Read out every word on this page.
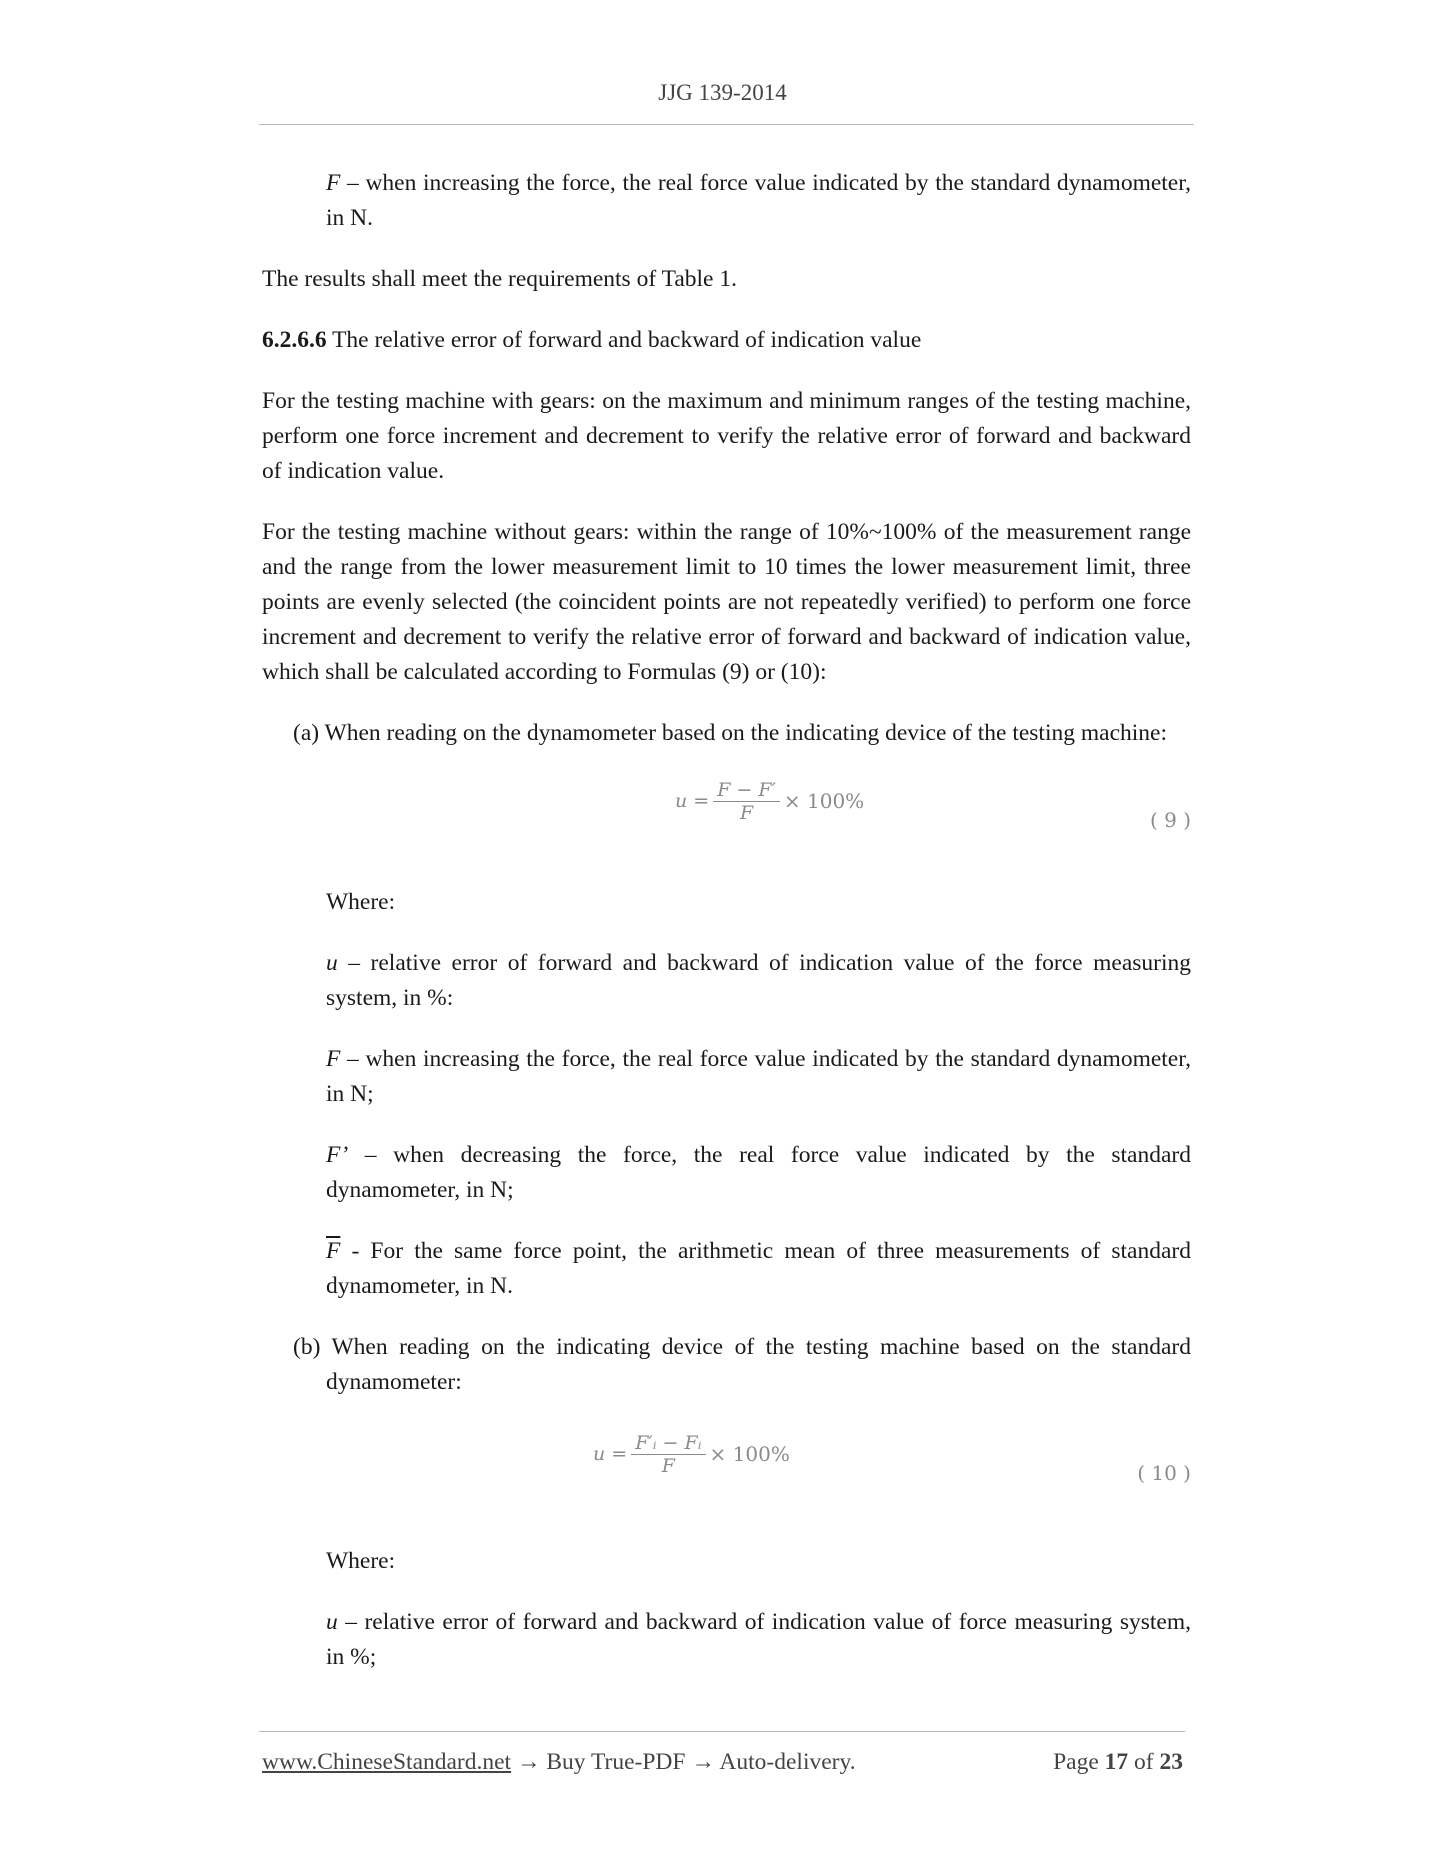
JJG 139-2014

F – when increasing the force, the real force value indicated by the standard dynamometer, in N.

The results shall meet the requirements of Table 1.

6.2.6.6 The relative error of forward and backward of indication value

For the testing machine with gears: on the maximum and minimum ranges of the testing machine, perform one force increment and decrement to verify the relative error of forward and backward of indication value.

For the testing machine without gears: within the range of 10%~100% of the measurement range and the range from the lower measurement limit to 10 times the lower measurement limit, three points are evenly selected (the coincident points are not repeatedly verified) to perform one force increment and decrement to verify the relative error of forward and backward of indication value, which shall be calculated according to Formulas (9) or (10):

(a) When reading on the dynamometer based on the indicating device of the testing machine:

$u = \frac{F - F'}{F} \times 100\%$
( 9 )

Where:

u – relative error of forward and backward of indication value of the force measuring system, in %:

F – when increasing the force, the real force value indicated by the standard dynamometer, in N;

F’ – when decreasing the force, the real force value indicated by the standard dynamometer, in N;

$\overline{F}$ - For the same force point, the arithmetic mean of three measurements of standard dynamometer, in N.

(b) When reading on the indicating device of the testing machine based on the standard dynamometer:

$u = \frac{\text{F′ᵢ − Fᵢ}}{F} \times 100\%$
( 10 )

Where:

u – relative error of forward and backward of indication value of force measuring system, in %;

www.ChineseStandard.net → Buy True-PDF → Auto-delivery.	Page 17 of 23
